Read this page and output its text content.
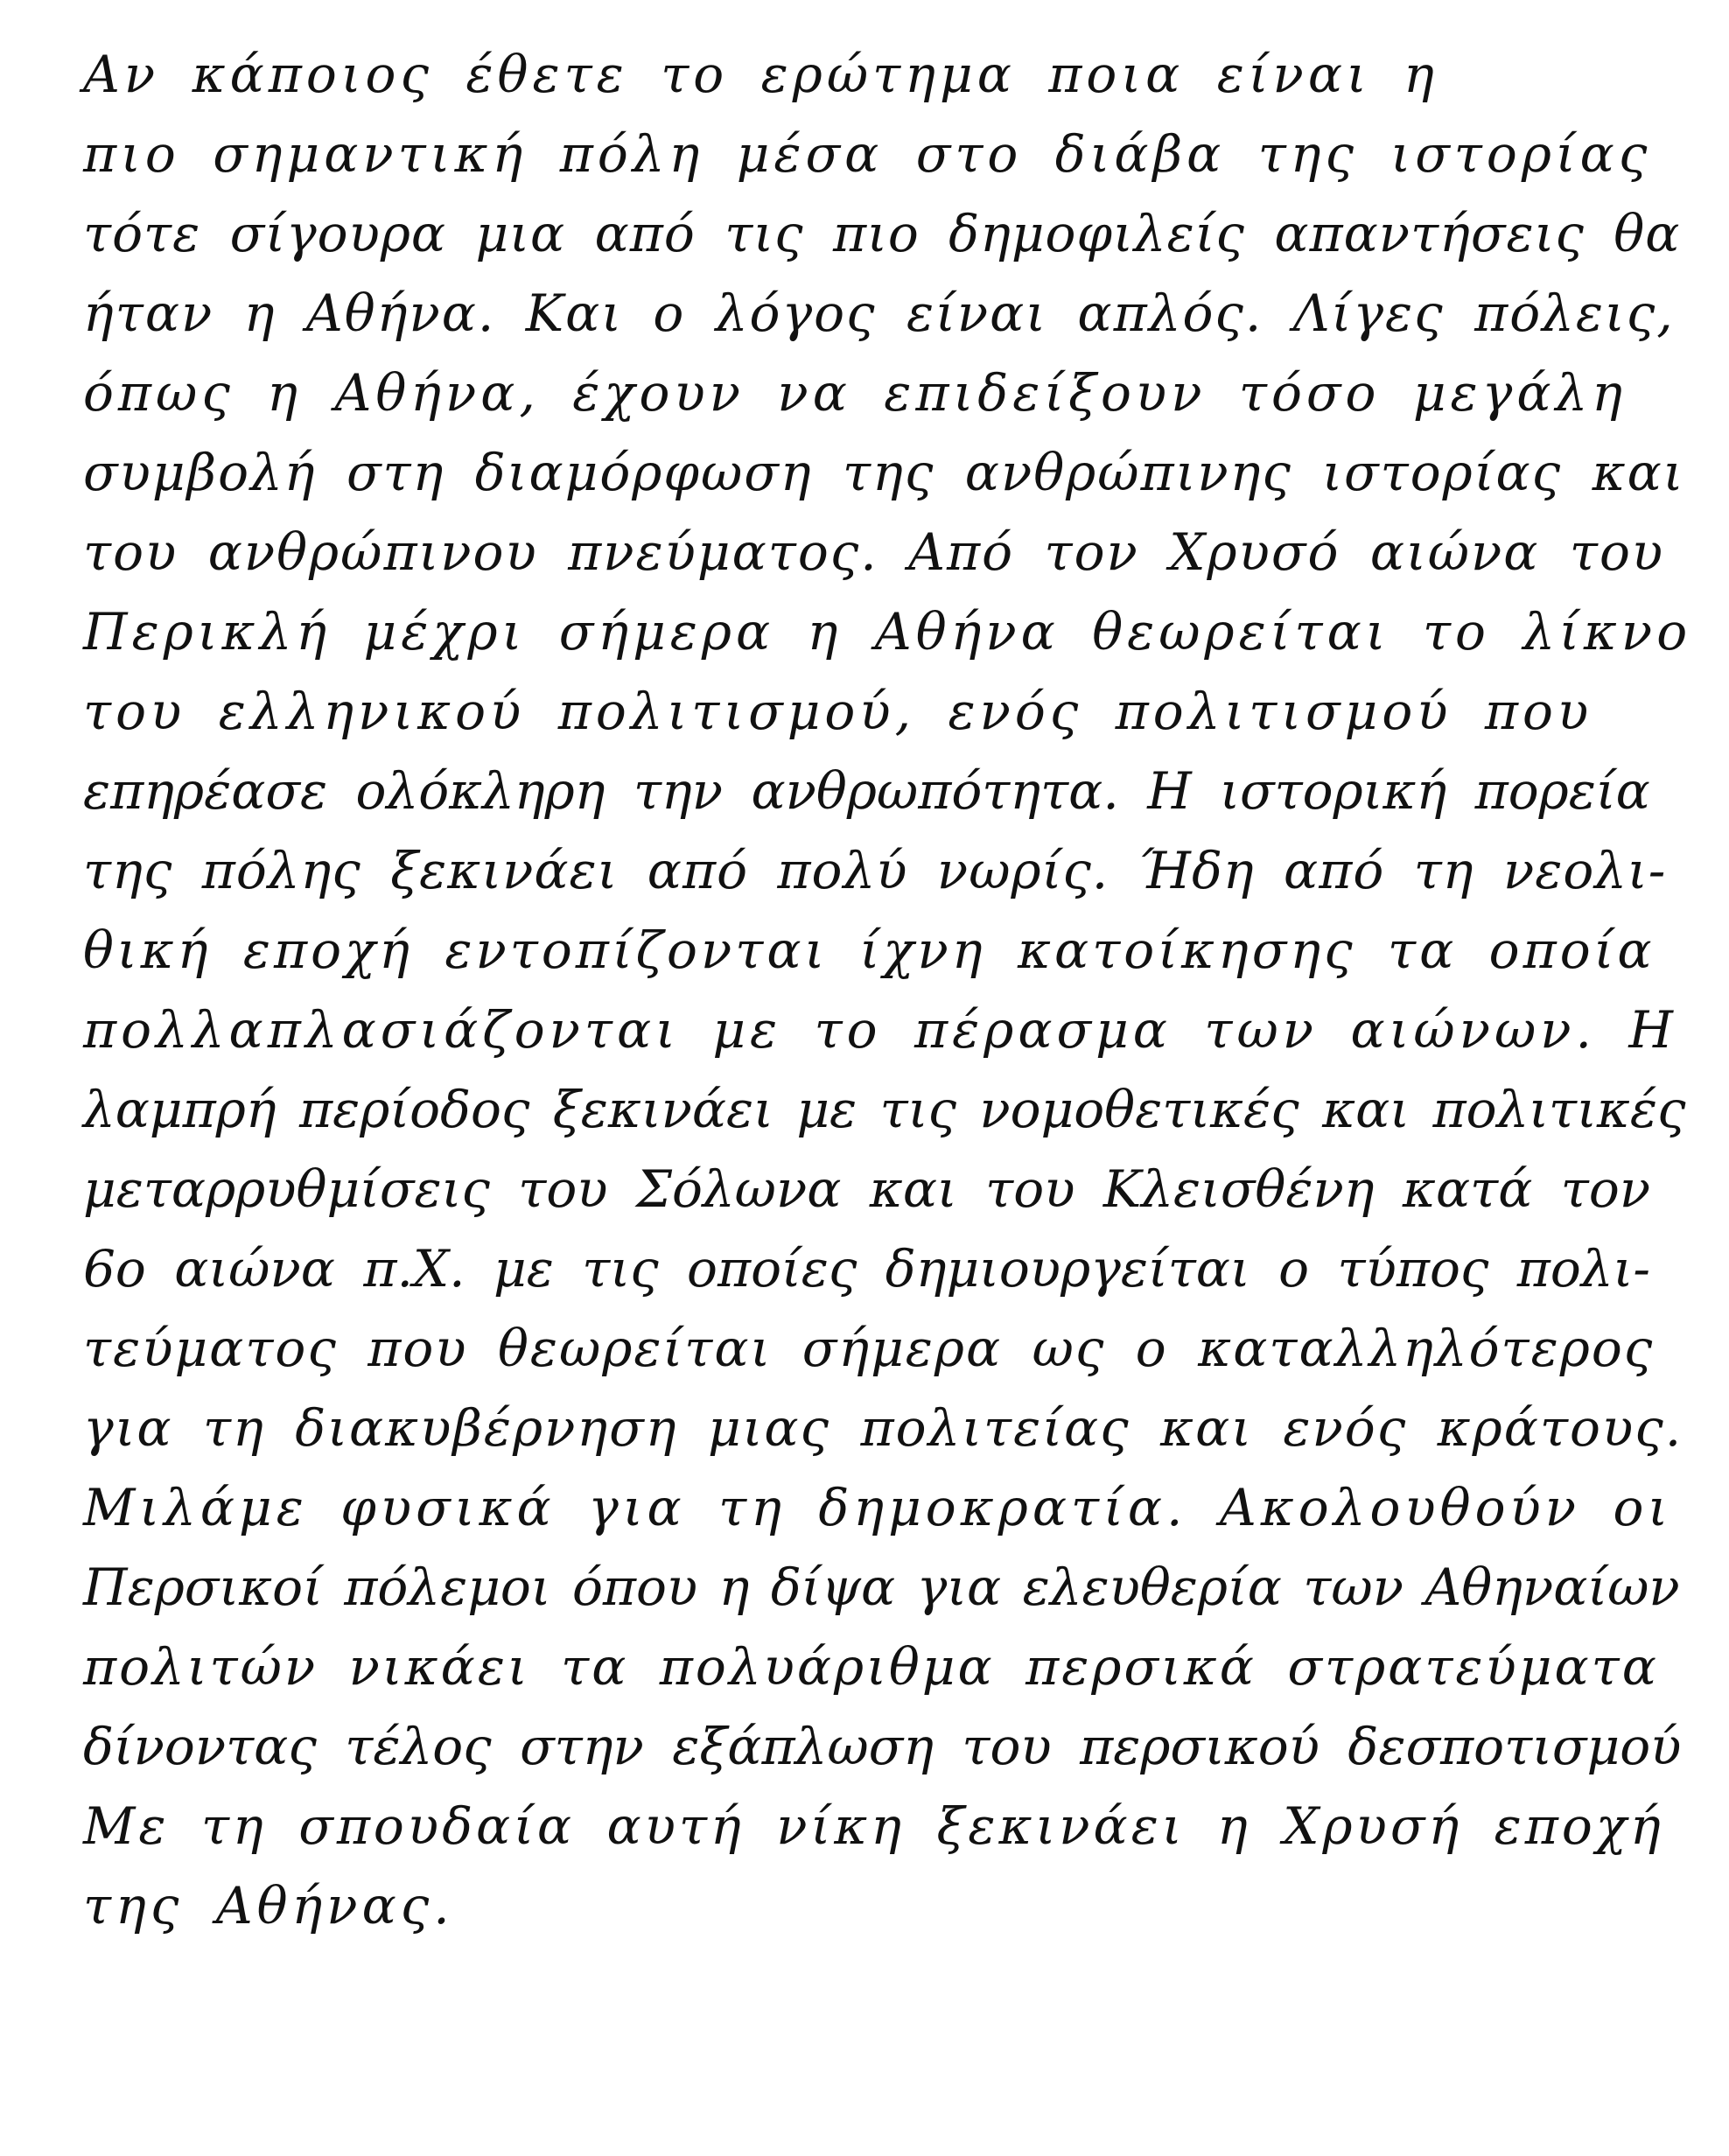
Αν κάποιος έθετε το ερώτημα ποια είναι η
πιο σημαντική πόλη μέσα στο διάβα της ιστορίας
τότε σίγουρα μια από τις πιο δημοφιλείς απαντήσεις θα
ήταν η Αθήνα. Και ο λόγος είναι απλός. Λίγες πόλεις,
όπως η Αθήνα, έχουν να επιδείξουν τόσο μεγάλη
συμβολή στη διαμόρφωση της ανθρώπινης ιστορίας και
του ανθρώπινου πνεύματος. Από τον Χρυσό αιώνα του
Περικλή μέχρι σήμερα η Αθήνα θεωρείται το λίκνο
του ελληνικού πολιτισμού, ενός πολιτισμού που
επηρέασε ολόκληρη την ανθρωπότητα. Η ιστορική πορεία
της πόλης ξεκινάει από πολύ νωρίς. Ήδη από τη νεολι-
θική εποχή εντοπίζονται ίχνη κατοίκησης τα οποία
πολλαπλασιάζονται με το πέρασμα των αιώνων. Η
λαμπρή περίοδος ξεκινάει με τις νομοθετικές και πολιτικές
μεταρρυθμίσεις του Σόλωνα και του Κλεισθένη κατά τον
6ο αιώνα π.Χ. με τις οποίες δημιουργείται ο τύπος πολι-
τεύματος που θεωρείται σήμερα ως ο καταλληλότερος
για τη διακυβέρνηση μιας πολιτείας και ενός κράτους.
Μιλάμε φυσικά για τη δημοκρατία. Ακολουθούν οι
Περσικοί πόλεμοι όπου η δίψα για ελευθερία των Αθηναίων
πολιτών νικάει τα πολυάριθμα περσικά στρατεύματα
δίνοντας τέλος στην εξάπλωση του περσικού δεσποτισμού
Με τη σπουδαία αυτή νίκη ξεκινάει η Χρυσή εποχή
της Αθήνας.
